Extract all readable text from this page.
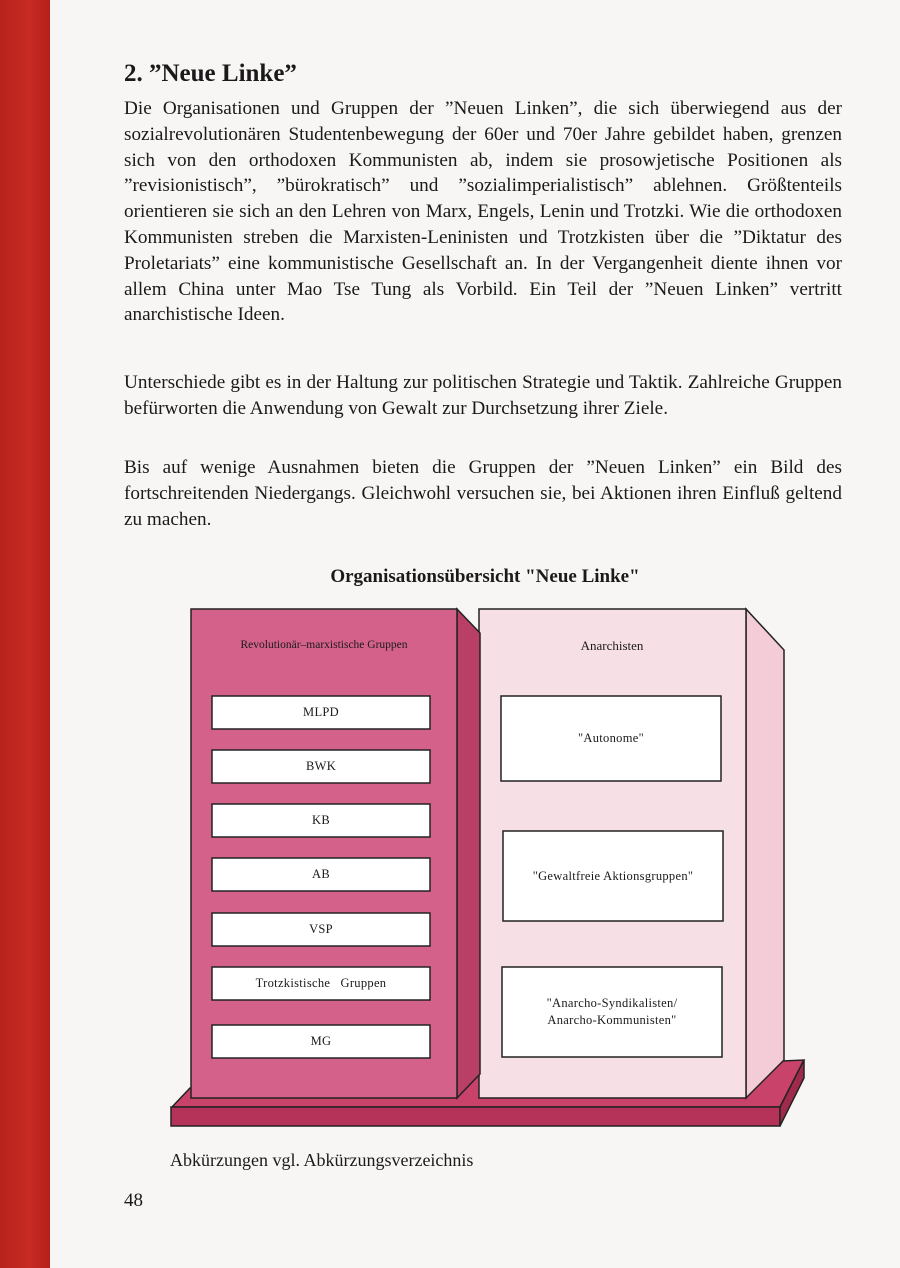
2. ”Neue Linke”

Die Organisationen und Gruppen der ”Neuen Linken”, die sich überwiegend aus der sozialrevolutionären Studentenbewegung der 60er und 70er Jahre gebildet haben, grenzen sich von den orthodoxen Kommunisten ab, indem sie prosowjetische Positionen als ”revisionistisch”, ”bürokratisch” und ”sozialimperialistisch” ablehnen. Größtenteils orientieren sie sich an den Lehren von Marx, Engels, Lenin und Trotzki. Wie die orthodoxen Kommunisten streben die Marxisten-Leninisten und Trotzkisten über die ”Diktatur des Proletariats” eine kommunistische Gesellschaft an. In der Vergangenheit diente ihnen vor allem China unter Mao Tse Tung als Vorbild. Ein Teil der ”Neuen Linken” vertritt anarchistische Ideen.

Unterschiede gibt es in der Haltung zur politischen Strategie und Taktik. Zahlreiche Gruppen befürworten die Anwendung von Gewalt zur Durchsetzung ihrer Ziele.

Bis auf wenige Ausnahmen bieten die Gruppen der ”Neuen Linken” ein Bild des fortschreitenden Niedergangs. Gleichwohl versuchen sie, bei Aktionen ihren Einfluß geltend zu machen.

Organisationsübersicht "Neue Linke"
Revolutionär–marxistische Gruppen	Anarchisten
MLPD
BWK
KB
AB
VSP
Trotzkistische   Gruppen
MG
"Autonome"
"Gewaltfreie Aktionsgruppen"
"Anarcho-Syndikalisten/ Anarcho-Kommunisten"

Abkürzungen vgl. Abkürzungsverzeichnis

48
